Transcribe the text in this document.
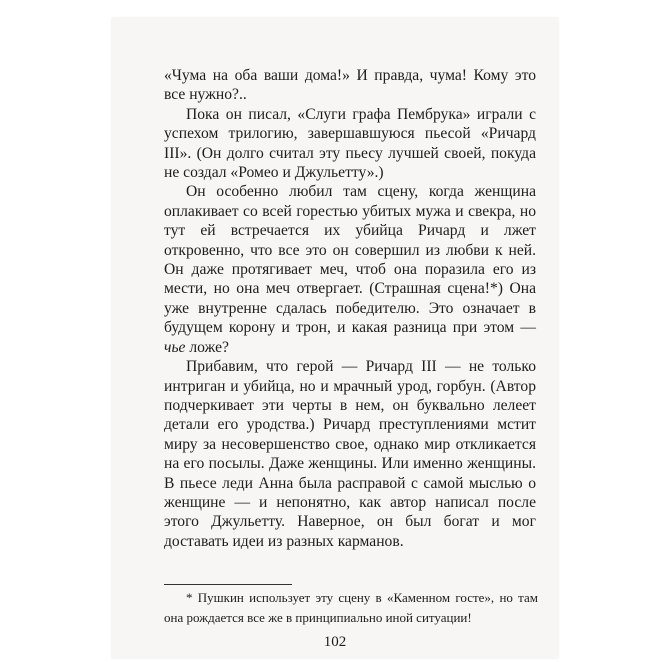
«Чума на оба ваши дома!» И правда, чума! Кому это все нужно?..

Пока он писал, «Слуги графа Пембрука» играли с успехом трилогию, завершавшуюся пьесой «Ричард III». (Он долго считал эту пьесу лучшей своей, покуда не создал «Ромео и Джульетту».)

Он особенно любил там сцену, когда женщина оплакивает со всей горестью убитых мужа и свекра, но тут ей встречается их убийца Ричард и лжет откровенно, что все это он совершил из любви к ней. Он даже протягивает меч, чтоб она поразила его из мести, но она меч отвергает. (Страшная сцена!*) Она уже внутренне сдалась победителю. Это означает в будущем корону и трон, и какая разница при этом — чье ложе?

Прибавим, что герой — Ричард III — не только интриган и убийца, но и мрачный урод, горбун. (Автор подчеркивает эти черты в нем, он буквально лелеет детали его уродства.) Ричард преступлениями мстит миру за несовершенство свое, однако мир откликается на его посылы. Даже женщины. Или именно женщины. В пьесе леди Анна была расправой с самой мыслью о женщине — и непонятно, как автор написал после этого Джульетту. Наверное, он был богат и мог доставать идеи из разных карманов.

* Пушкин использует эту сцену в «Каменном госте», но там она рождается все же в принципиально иной ситуации!

102
